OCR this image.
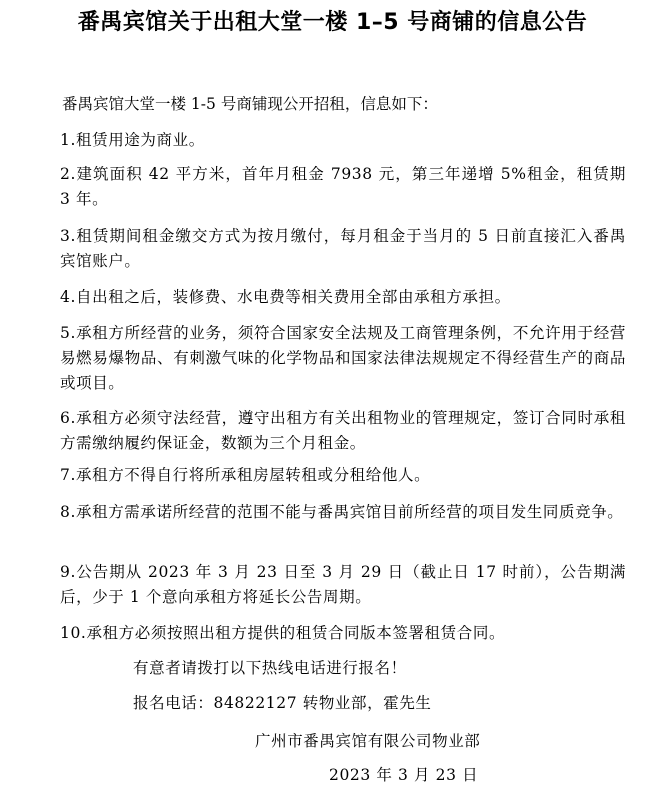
番禺宾馆关于出租大堂一楼 1–5 号商铺的信息公告
番禺宾馆大堂一楼 1-5 号商铺现公开招租，信息如下：
1.租赁用途为商业。
2.建筑面积 42 平方米，首年月租金 7938 元，第三年递增 5%租金，租赁期 3 年。
3.租赁期间租金缴交方式为按月缴付，每月租金于当月的 5 日前直接汇入番禺宾馆账户。
4.自出租之后，装修费、水电费等相关费用全部由承租方承担。
5.承租方所经营的业务，须符合国家安全法规及工商管理条例，不允许用于经营易燃易爆物品、有刺激气味的化学物品和国家法律法规规定不得经营生产的商品或项目。
6.承租方必须守法经营，遵守出租方有关出租物业的管理规定，签订合同时承租方需缴纳履约保证金，数额为三个月租金。
7.承租方不得自行将所承租房屋转租或分租给他人。
8.承租方需承诺所经营的范围不能与番禺宾馆目前所经营的项目发生同质竞争。
9.公告期从 2023 年 3 月 23 日至 3 月 29 日（截止日 17 时前），公告期满后，少于 1 个意向承租方将延长公告周期。
10.承租方必须按照出租方提供的租赁合同版本签署租赁合同。
有意者请拨打以下热线电话进行报名！
报名电话：84822127 转物业部，霍先生
广州市番禺宾馆有限公司物业部
2023 年 3 月 23 日
